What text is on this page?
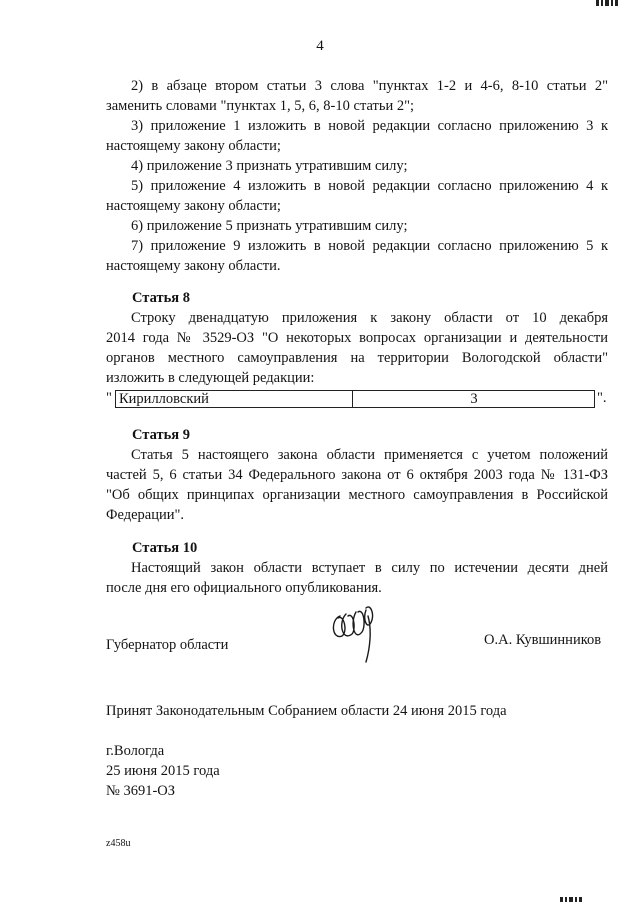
4
2) в абзаце втором статьи 3 слова "пунктах 1-2 и 4-6, 8-10 статьи 2"
заменить словами "пунктах 1, 5, 6, 8-10 статьи 2";
3) приложение 1 изложить в новой редакции согласно приложению 3 к
настоящему закону области;
4) приложение 3 признать утратившим силу;
5) приложение 4 изложить в новой редакции согласно приложению 4 к
настоящему закону области;
6) приложение 5 признать утратившим силу;
7) приложение 9 изложить в новой редакции согласно приложению 5 к
настоящему закону области.
Статья 8
Строку двенадцатую приложения к закону области от 10 декабря
2014 года № 3529-ОЗ "О некоторых вопросах организации и деятельности
органов местного самоуправления на территории Вологодской области"
изложить в следующей редакции:
" Кирилловский	3	".
Статья 9
Статья 5 настоящего закона области применяется с учетом положений
частей 5, 6 статьи 34 Федерального закона от 6 октября 2003 года № 131-ФЗ
"Об общих принципах организации местного самоуправления в Российской
Федерации".
Статья 10
Настоящий закон области вступает в силу по истечении десяти дней
после дня его официального опубликования.
Губернатор области	О.А. Кувшинников
Принят Законодательным Собранием области 24 июня 2015 года
г.Вологда
25 июня 2015 года
№ 3691-ОЗ
z458u
